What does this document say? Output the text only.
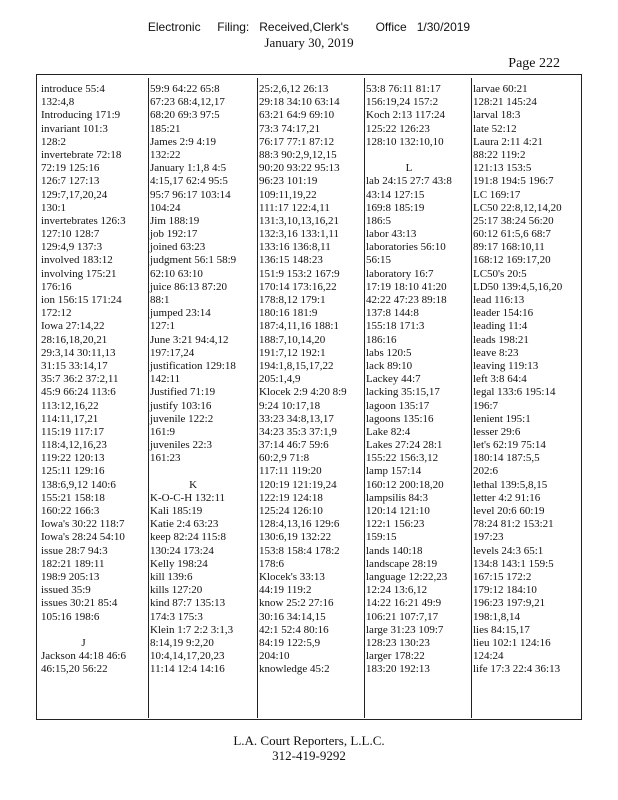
Electronic     Filing:   Received,Clerk's        Office   1/30/2019
January 30, 2019
Page 222
introduce 55:4
132:4,8
Introducing 171:9
invariant 101:3
128:2
invertebrate 72:18
72:19 125:16
126:7 127:13
129:7,17,20,24
130:1
invertebrates 126:3
127:10 128:7
129:4,9 137:3
involved 183:12
involving 175:21
176:16
ion 156:15 171:24
172:12
Iowa 27:14,22
28:16,18,20,21
29:3,14 30:11,13
31:15 33:14,17
35:7 36:2 37:2,11
45:9 66:24 113:6
113:12,16,22
114:11,17,21
115:19 117:17
118:4,12,16,23
119:22 120:13
125:11 129:16
138:6,9,12 140:6
155:21 158:18
160:22 166:3
Iowa's 30:22 118:7
Iowa's 28:24 54:10
issue 28:7 94:3
182:21 189:11
198:9 205:13
issued 35:9
issues 30:21 85:4
105:16 198:6
J
Jackson 44:18 46:6
46:15,20 56:22
59:9 64:22 65:8
67:23 68:4,12,17
68:20 69:3 97:5
185:21
James 2:9 4:19
132:22
January 1:1,8 4:5
4:15,17 62:4 95:5
95:7 96:17 103:14
104:24
Jim 188:19
job 192:17
joined 63:23
judgment 56:1 58:9
62:10 63:10
juice 86:13 87:20
88:1
jumped 23:14
127:1
June 3:21 94:4,12
197:17,24
justification 129:18
142:11
Justified 71:19
justify 103:16
juvenile 122:2
161:9
juveniles 22:3
161:23
K
K-O-C-H 132:11
Kali 185:19
Katie 2:4 63:23
keep 82:24 115:8
130:24 173:24
Kelly 198:24
kill 139:6
kills 127:20
kind 87:7 135:13
174:3 175:3
Klein 1:7 2:2 3:1,3
8:14,19 9:2,20
10:4,14,17,20,23
11:14 12:4 14:16
25:2,6,12 26:13
29:18 34:10 63:14
63:21 64:9 69:10
73:3 74:17,21
76:17 77:1 87:12
88:3 90:2,9,12,15
90:20 93:22 95:13
96:23 101:19
109:11,19,22
111:17 122:4,11
131:3,10,13,16,21
132:3,16 133:1,11
133:16 136:8,11
136:15 148:23
151:9 153:2 167:9
170:14 173:16,22
178:8,12 179:1
180:16 181:9
187:4,11,16 188:1
188:7,10,14,20
191:7,12 192:1
194:1,8,15,17,22
205:1,4,9
Klocek 2:9 4:20 8:9
9:24 10:17,18
33:23 34:8,13,17
34:23 35:3 37:1,9
37:14 46:7 59:6
60:2,9 71:8
117:11 119:20
120:19 121:19,24
122:19 124:18
125:24 126:10
128:4,13,16 129:6
130:6,19 132:22
153:8 158:4 178:2
178:6
Klocek's 33:13
44:19 119:2
know 25:2 27:16
30:16 34:14,15
42:1 52:4 80:16
84:19 122:5,9
204:10
knowledge 45:2
53:8 76:11 81:17
156:19,24 157:2
Koch 2:13 117:24
125:22 126:23
128:10 132:10,10
L
lab 24:15 27:7 43:8
43:14 127:15
169:8 185:19
186:5
labor 43:13
laboratories 56:10
56:15
laboratory 16:7
17:19 18:10 41:20
42:22 47:23 89:18
137:8 144:8
155:18 171:3
186:16
labs 120:5
lack 89:10
Lackey 44:7
lacking 35:15,17
lagoon 135:17
lagoons 135:16
Lake 82:4
Lakes 27:24 28:1
155:22 156:3,12
lamp 157:14
160:12 200:18,20
lampsilis 84:3
120:14 121:10
122:1 156:23
159:15
lands 140:18
landscape 28:19
language 12:22,23
12:24 13:6,12
14:22 16:21 49:9
106:21 107:7,17
large 31:23 109:7
128:23 130:23
larger 178:22
183:20 192:13
larvae 60:21
128:21 145:24
larval 18:3
late 52:12
Laura 2:11 4:21
88:22 119:2
121:13 153:5
191:8 194:5 196:7
LC 169:17
LC50 22:8,12,14,20
25:17 38:24 56:20
60:12 61:5,6 68:7
89:17 168:10,11
168:12 169:17,20
LC50's 20:5
LD50 139:4,5,16,20
lead 116:13
leader 154:16
leading 11:4
leads 198:21
leave 8:23
leaving 119:13
left 3:8 64:4
legal 133:6 195:14
196:7
lenient 195:1
lesser 29:6
let's 62:19 75:14
180:14 187:5,5
202:6
lethal 139:5,8,15
letter 4:2 91:16
level 20:6 60:19
78:24 81:2 153:21
197:23
levels 24:3 65:1
134:8 143:1 159:5
167:15 172:2
179:12 184:10
196:23 197:9,21
198:1,8,14
lies 84:15,17
lieu 102:1 124:16
124:24
life 17:3 22:4 36:13
L.A. Court Reporters, L.L.C.
312-419-9292
